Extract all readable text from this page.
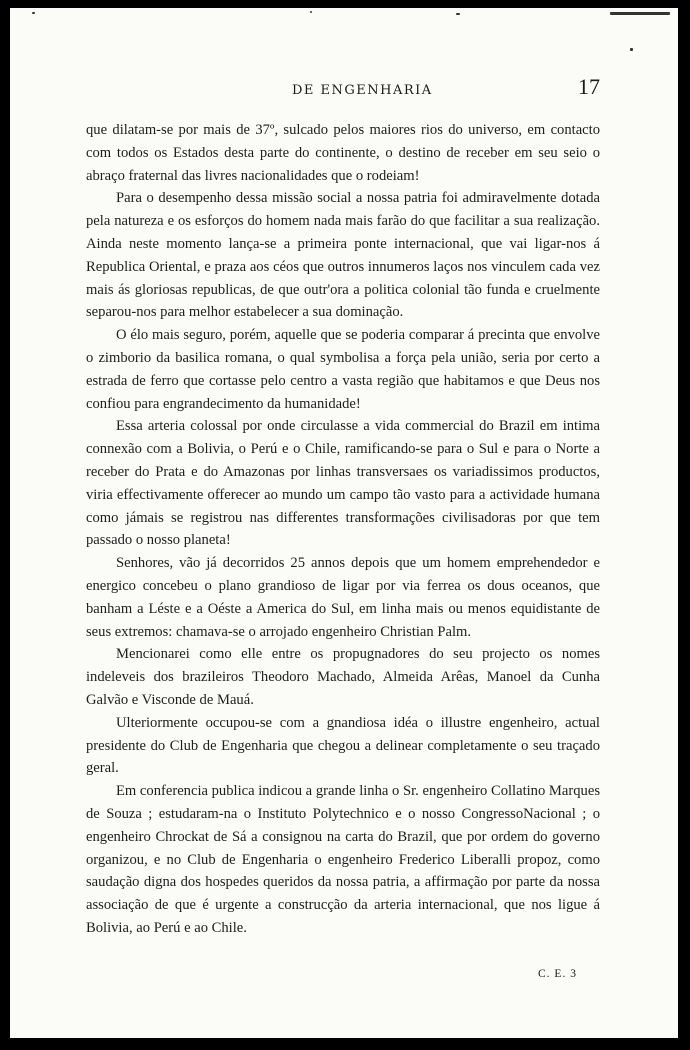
DE ENGENHARIA	17

que dilatam-se por mais de 37º, sulcado pelos maiores rios do universo, em contacto com todos os Estados desta parte do continente, o destino de receber em seu seio o abraço fraternal das livres nacionalidades que o rodeiam!

Para o desempenho dessa missão social a nossa patria foi admiravelmente dotada pela natureza e os esforços do homem nada mais farão do que facilitar a sua realização. Ainda neste momento lança-se a primeira ponte internacional, que vai ligar-nos á Republica Oriental, e praza aos céos que outros innumeros laços nos vinculem cada vez mais ás gloriosas republicas, de que outr'ora a politica colonial tão funda e cruelmente separou-nos para melhor estabelecer a sua dominação.

O élo mais seguro, porém, aquelle que se poderia comparar á precinta que envolve o zimborio da basilica romana, o qual symbolisa a força pela união, seria por certo a estrada de ferro que cortasse pelo centro a vasta região que habitamos e que Deus nos confiou para engrandecimento da humanidade!

Essa arteria colossal por onde circulasse a vida commercial do Brazil em intima connexão com a Bolivia, o Perú e o Chile, ramificando-se para o Sul e para o Norte a receber do Prata e do Amazonas por linhas transversaes os variadissimos productos, viria effectivamente offerecer ao mundo um campo tão vasto para a actividade humana como jámais se registrou nas differentes transformações civilisadoras por que tem passado o nosso planeta!

Senhores, vão já decorridos 25 annos depois que um homem emprehendedor e energico concebeu o plano grandioso de ligar por via ferrea os dous oceanos, que banham a Léste e a Oéste a America do Sul, em linha mais ou menos equidistante de seus extremos: chamava-se o arrojado engenheiro Christian Palm.

Mencionarei como elle entre os propugnadores do seu projecto os nomes indeleveis dos brazileiros Theodoro Machado, Almeida Arêas, Manoel da Cunha Galvão e Visconde de Mauá.

Ulteriormente occupou-se com a gnandiosa idéa o illustre engenheiro, actual presidente do Club de Engenharia que chegou a delinear completamente o seu traçado geral.

Em conferencia publica indicou a grande linha o Sr. engenheiro Collatino Marques de Souza ; estudaram-na o Instituto Polytechnico e o nosso CongressoNacional ; o engenheiro Chrockat de Sá a consignou na carta do Brazil, que por ordem do governo organizou, e no Club de Engenharia o engenheiro Frederico Liberalli propoz, como saudação digna dos hospedes queridos da nossa patria, a affirmação por parte da nossa associação de que é urgente a construcção da arteria internacional, que nos ligue á Bolivia, ao Perú e ao Chile.

C. E. 3
